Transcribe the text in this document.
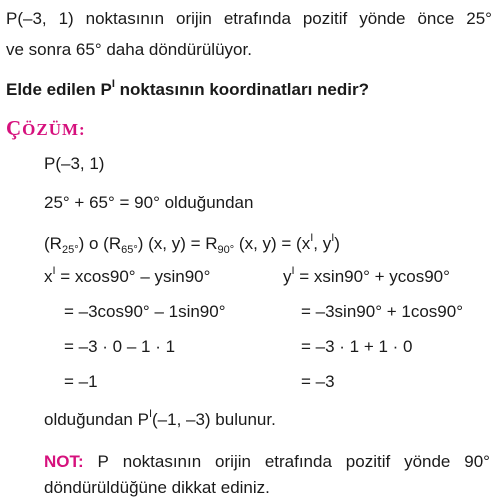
P(–3, 1) noktasının orijin etrafında pozitif yönde önce 25°
ve sonra 65° daha döndürülüyor.
Elde edilen $P^I$ noktasının koordinatları nedir?
ÇÖZÜM:
P(–3, 1)
25° + 65° = 90° olduğundan
$(R_{25^\circ})$ o $(R_{65^\circ})$ (x, $y) = R_{90^\circ}$ (x, $y) = (x^I$, $y^I$)
$x^I = xcos90^\circ - ysin90^\circ$
= –3cos90° – 1sin90°
= –3 · 0 – 1 · 1
= –1
$y^I = xsin90^\circ + ycos90^\circ$
= –3sin90° + 1cos90°
= –3 · 1 + 1 · 0
= –3
olduğundan $P^I(-1$, –3) bulunur.
NOT: P noktasının orijin etrafında pozitif yönde 90°
döndürüldüğüne dikkat ediniz.
